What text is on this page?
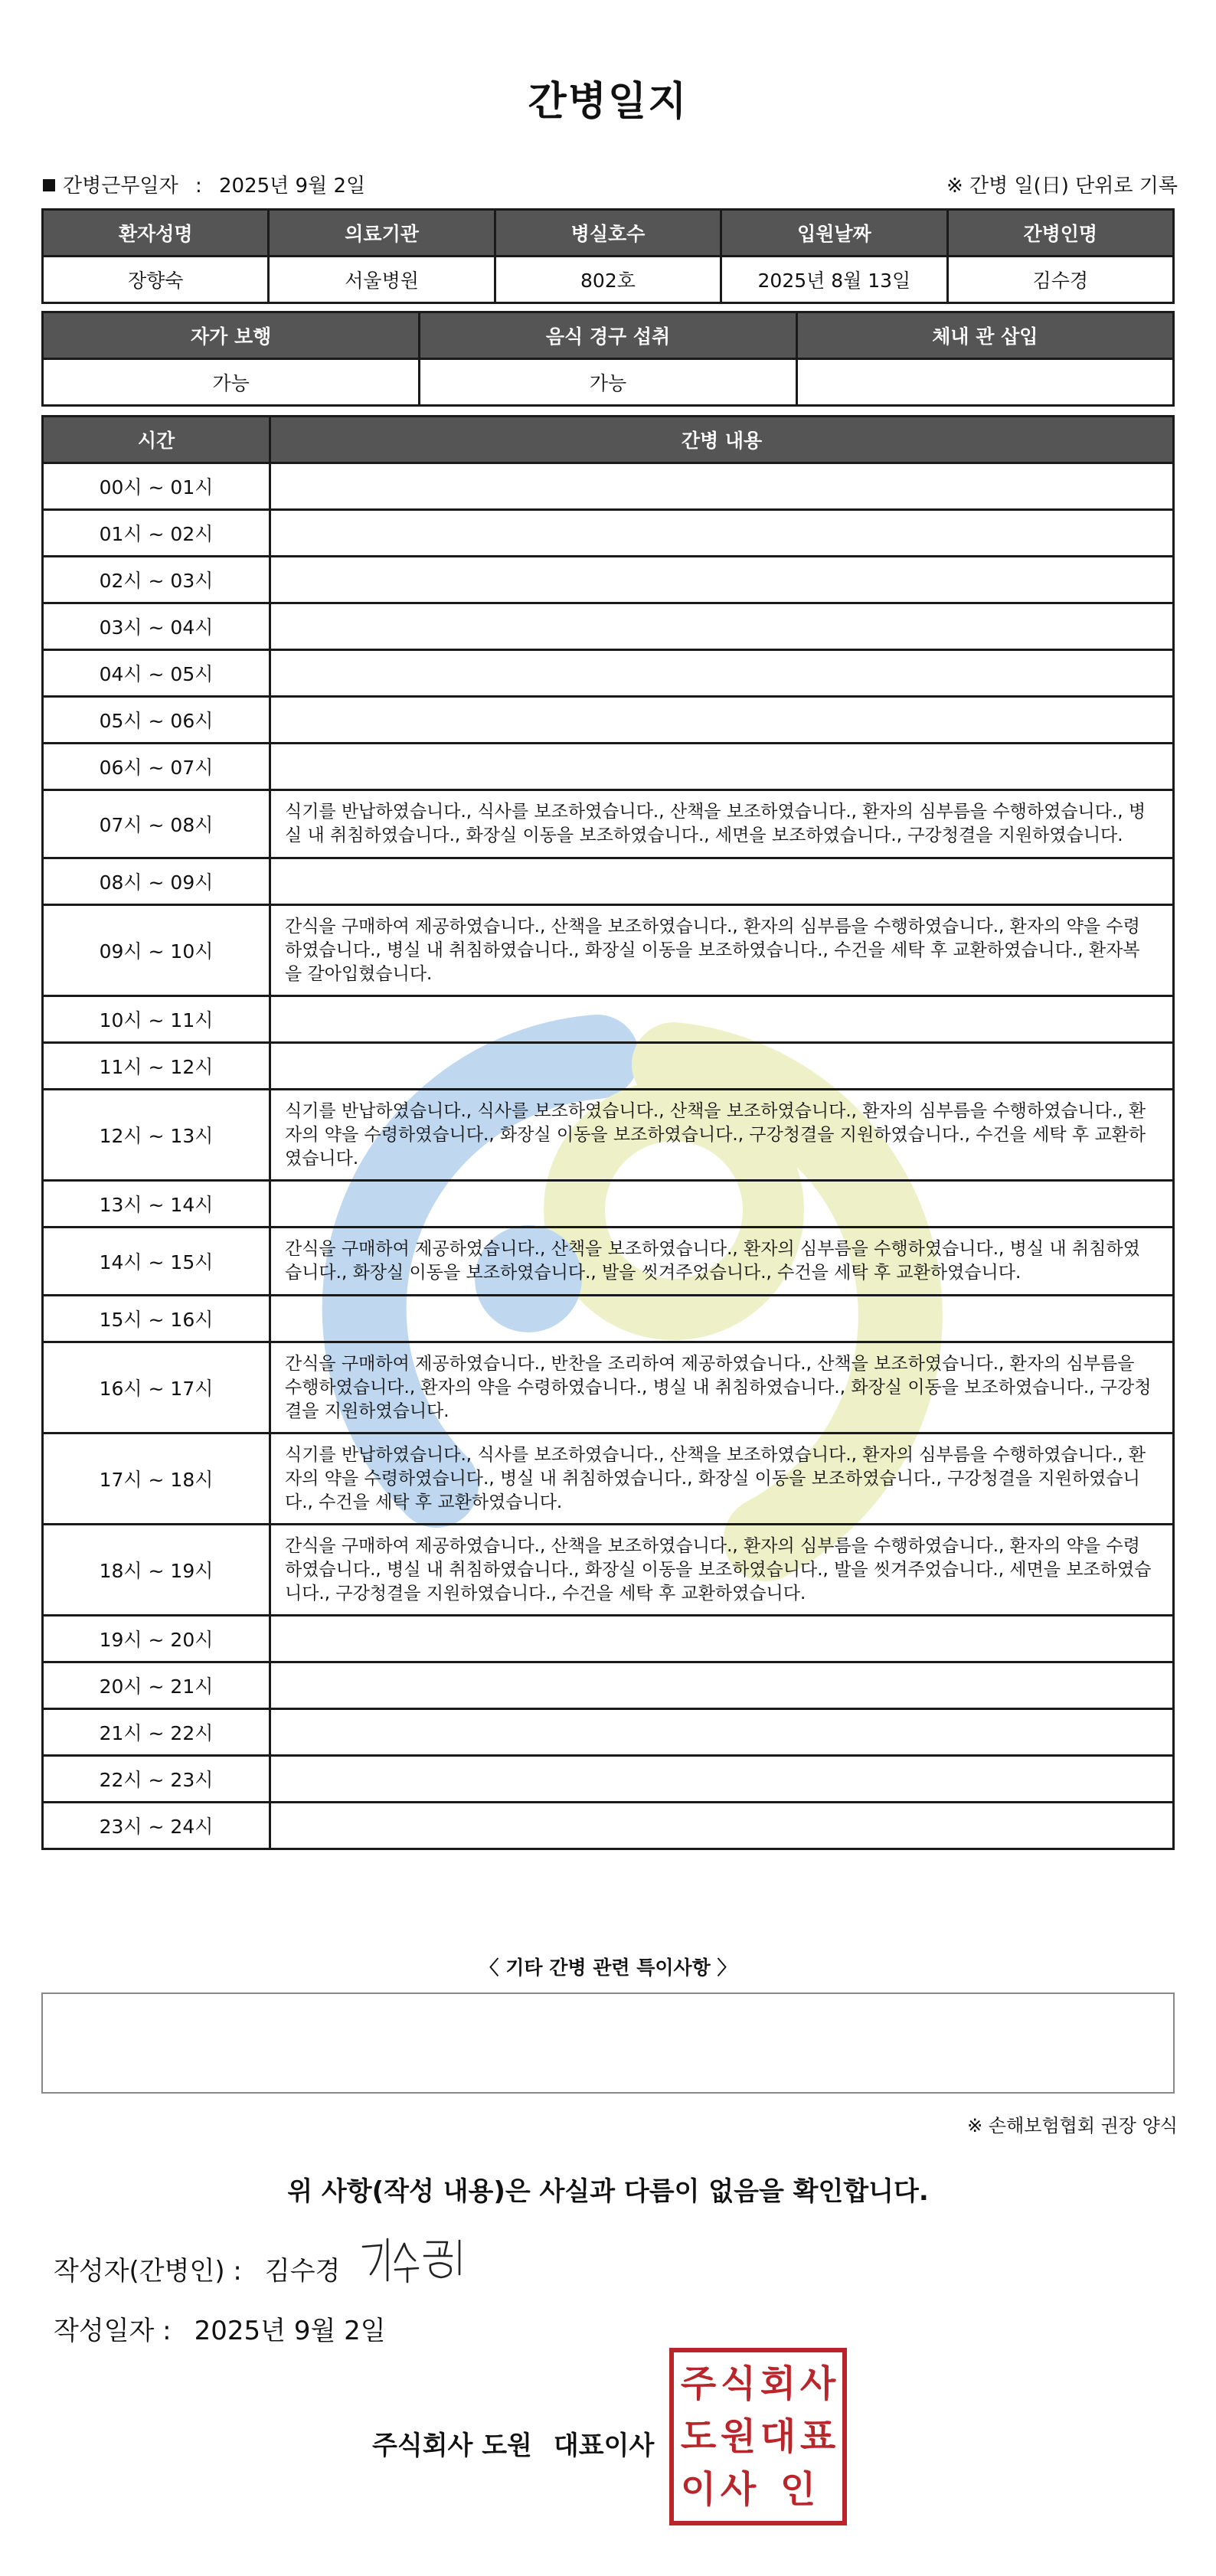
간병일지
간병근무일자 : 2025년 9월 2일	※ 간병 일(日) 단위로 기록
환자성명	의료기관	병실호수	입원날짜	간병인명
장향숙	서울병원	802호	2025년 8월 13일	김수경
자가 보행	음식 경구 섭취	체내 관 삽입
가능	가능	
시간	간병 내용
00시 ~ 01시	
01시 ~ 02시	
02시 ~ 03시	
03시 ~ 04시	
04시 ~ 05시	
05시 ~ 06시	
06시 ~ 07시	
07시 ~ 08시	식기를 반납하였습니다., 식사를 보조하였습니다., 산책을 보조하였습니다., 환자의 심부름을 수행하였습니다., 병실 내 취침하였습니다., 화장실 이동을 보조하였습니다., 세면을 보조하였습니다., 구강청결을 지원하였습니다.
08시 ~ 09시	
09시 ~ 10시	간식을 구매하여 제공하였습니다., 산책을 보조하였습니다., 환자의 심부름을 수행하였습니다., 환자의 약을 수령하였습니다., 병실 내 취침하였습니다., 화장실 이동을 보조하였습니다., 수건을 세탁 후 교환하였습니다., 환자복을 갈아입혔습니다.
10시 ~ 11시	
11시 ~ 12시	
12시 ~ 13시	식기를 반납하였습니다., 식사를 보조하였습니다., 산책을 보조하였습니다., 환자의 심부름을 수행하였습니다., 환자의 약을 수령하였습니다., 화장실 이동을 보조하였습니다., 구강청결을 지원하였습니다., 수건을 세탁 후 교환하였습니다.
13시 ~ 14시	
14시 ~ 15시	간식을 구매하여 제공하였습니다., 산책을 보조하였습니다., 환자의 심부름을 수행하였습니다., 병실 내 취침하였습니다., 화장실 이동을 보조하였습니다., 발을 씻겨주었습니다., 수건을 세탁 후 교환하였습니다.
15시 ~ 16시	
16시 ~ 17시	간식을 구매하여 제공하였습니다., 반찬을 조리하여 제공하였습니다., 산책을 보조하였습니다., 환자의 심부름을 수행하였습니다., 환자의 약을 수령하였습니다., 병실 내 취침하였습니다., 화장실 이동을 보조하였습니다., 구강청결을 지원하였습니다.
17시 ~ 18시	식기를 반납하였습니다., 식사를 보조하였습니다., 산책을 보조하였습니다., 환자의 심부름을 수행하였습니다., 환자의 약을 수령하였습니다., 병실 내 취침하였습니다., 화장실 이동을 보조하였습니다., 구강청결을 지원하였습니다., 수건을 세탁 후 교환하였습니다.
18시 ~ 19시	간식을 구매하여 제공하였습니다., 산책을 보조하였습니다., 환자의 심부름을 수행하였습니다., 환자의 약을 수령하였습니다., 병실 내 취침하였습니다., 화장실 이동을 보조하였습니다., 발을 씻겨주었습니다., 세면을 보조하였습니다., 구강청결을 지원하였습니다., 수건을 세탁 후 교환하였습니다.
19시 ~ 20시	
20시 ~ 21시	
21시 ~ 22시	
22시 ~ 23시	
23시 ~ 24시	
〈 기타 간병 관련 특이사항 〉
※ 손해보험협회 권장 양식
위 사항(작성 내용)은 사실과 다름이 없음을 확인합니다.
작성자(간병인) : 김수경
작성일자 : 2025년 9월 2일
주식회사 도원 대표이사
주 식 회 사
도 원 대 표
이 사 인
